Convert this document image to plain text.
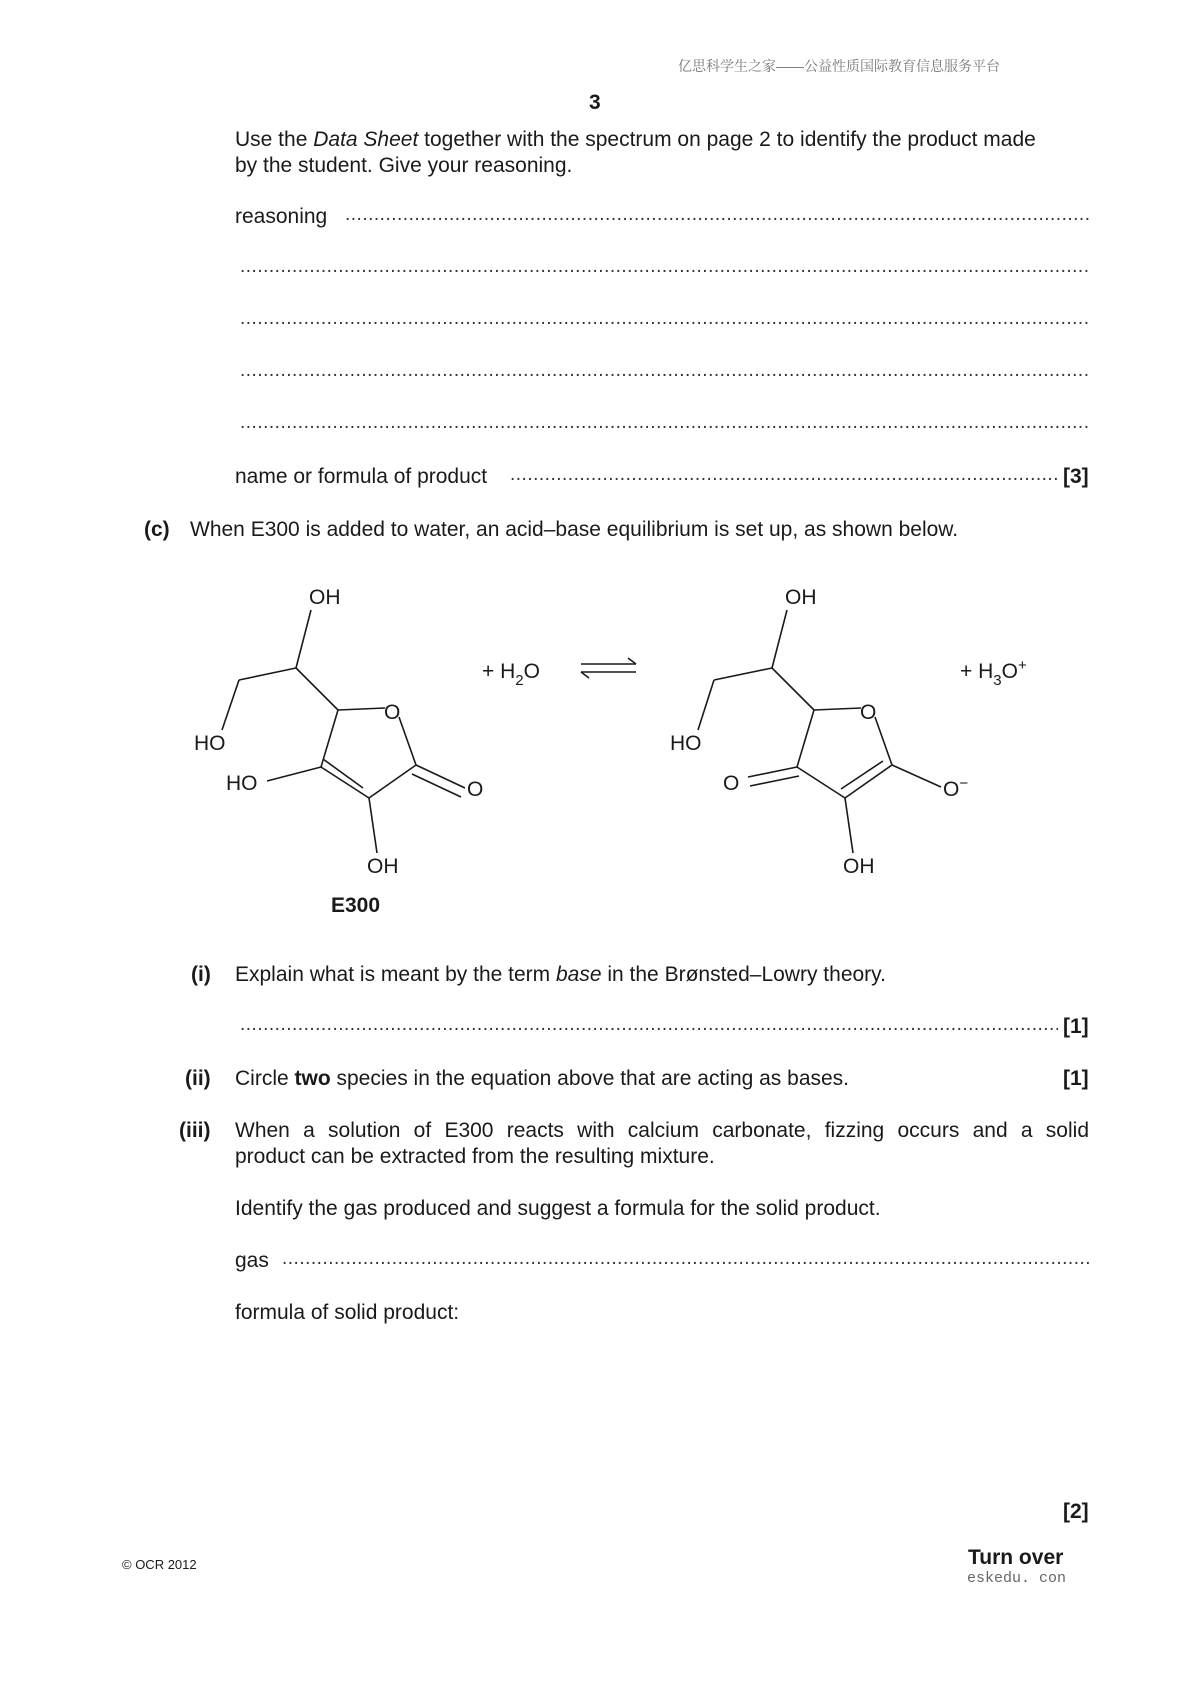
亿思科学生之家——公益性质国际教育信息服务平台
3
Use the Data Sheet together with the spectrum on page 2 to identify the product made
by the student. Give your reasoning.
reasoning
.....
.....
.....
.....
.....
name or formula of product .....	[3]
(c) When E300 is added to water, an acid–base equilibrium is set up, as shown below.
OH
HO
HO
O
O
OH
+ $H_2O$
OH
HO
O
O	O−
OH
+ $H_3O^+$
E300
(i) Explain what is meant by the term base in the Brønsted–Lowry theory.
.....
[1]
(ii) Circle two species in the equation above that are acting as bases.	[1]
(iii) When a solution of E300 reacts with calcium carbonate, fizzing occurs and a solid
product can be extracted from the resulting mixture.
Identify the gas produced and suggest a formula for the solid product.
gas
.....
formula of solid product:
[2]
© OCR 2012	Turn over
eskedu. con
